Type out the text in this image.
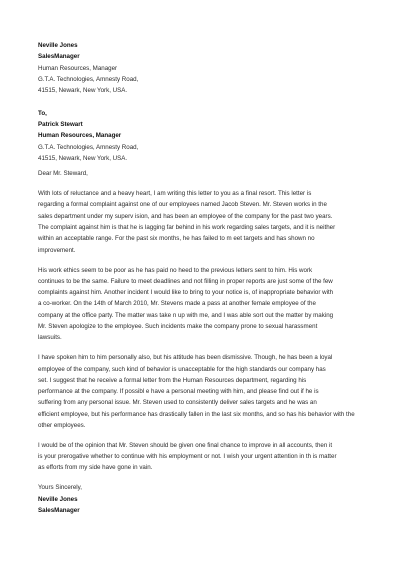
Neville Jones
SalesManager
Human Resources, Manager
G.T.A. Technologies, Amnesty Road,
41515, Newark, New York, USA.
To,
Patrick Stewart
Human Resources, Manager
G.T.A. Technologies, Amnesty Road,
41515, Newark, New York, USA.

Dear Mr. Steward,

With lots of reluctance and a heavy heart, I am writing this letter to you as a final resort. This letter is
regarding a formal complaint against one of our employees named Jacob Steven. Mr. Steven works in the
sales department under my superv ision, and has been an employee of the company for the past two years.
The complaint against him is that he is lagging far behind in his work regarding sales targets, and it is neither
within an acceptable range. For the past six months, he has failed to m eet targets and has shown no
improvement.

His work ethics seem to be poor as he has paid no heed to the previous letters sent to him. His work
continues to be the same. Failure to meet deadlines and not filling in proper reports are just some of the few
complaints against him. Another incident I would like to bring to your notice is, of inappropriate behavior with
a co-worker. On the 14th of March 2010, Mr. Stevens made a pass at another female employee of the
company at the office party. The matter was take n up with me, and I was able sort out the matter by making
Mr. Steven apologize to the employee. Such incidents make the company prone to sexual harassment
lawsuits.

I have spoken him to him personally also, but his attitude has been dismissive. Though, he has been a loyal
employee of the company, such kind of behavior is unacceptable for the high standards our company has
set. I suggest that he receive a formal letter from the Human Resources department, regarding his
performance at the company. If possibl e have a personal meeting with him, and please find out if he is
suffering from any personal issue. Mr. Steven used to consistently deliver sales targets and he was an
efficient employee, but his performance has drastically fallen in the last six months, and so has his behavior with the
other employees.

I would be of the opinion that Mr. Steven should be given one final chance to improve in all accounts, then it
is your prerogative whether to continue with his employment or not. I wish your urgent attention in th is matter
as efforts from my side have gone in vain.

Yours Sincerely,
Neville Jones
SalesManager
